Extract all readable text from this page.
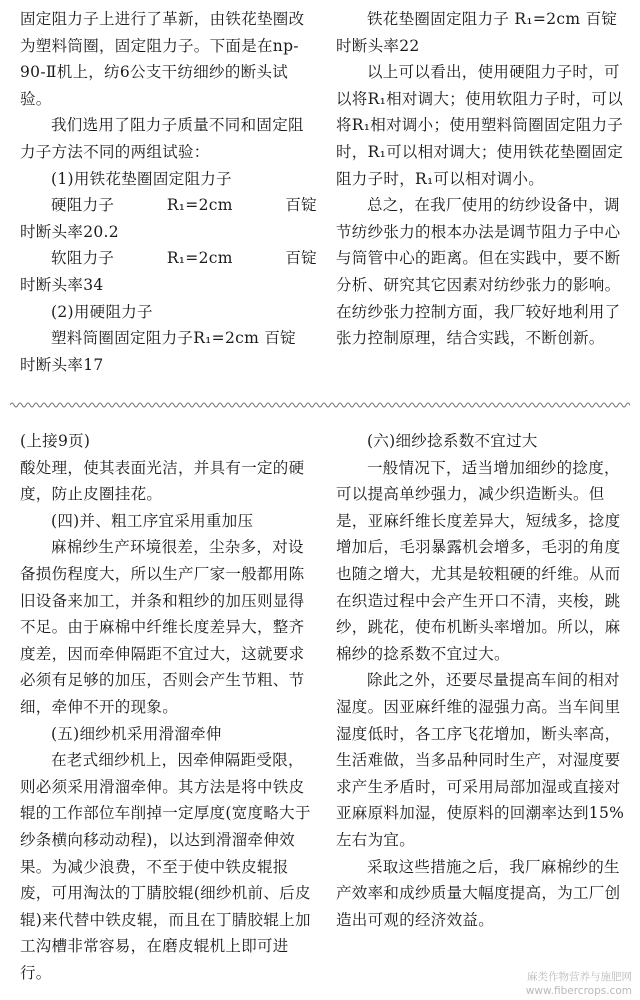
固定阻力子上进行了革新，由铁花垫圈改为塑料筒圈，固定阻力子。下面是在np-90-Ⅱ机上，纺6公支干纺细纱的断头试验。

我们选用了阻力子质量不同和固定阻力子方法不同的两组试验：

(1)用铁花垫圈固定阻力子

硬阻力子	R₁=2cm	百锭

时断头率20.2

软阻力子	R₁=2cm	百锭

时断头率34

(2)用硬阻力子

塑料筒圈固定阻力子R₁=2cm 百锭

时断头率17

铁花垫圈固定阻力子 R₁=2cm 百锭

时断头率22

以上可以看出，使用硬阻力子时，可以将R₁相对调大；使用软阻力子时，可以将R₁相对调小；使用塑料筒圈固定阻力子时，R₁可以相对调大；使用铁花垫圈固定阻力子时，R₁可以相对调小。

总之，在我厂使用的纺纱设备中，调节纺纱张力的根本办法是调节阻力子中心与筒管中心的距离。但在实践中，要不断分析、研究其它因素对纺纱张力的影响。在纺纱张力控制方面，我厂较好地利用了张力控制原理，结合实践，不断创新。

(上接9页)

酸处理，使其表面光洁，并具有一定的硬度，防止皮圈挂花。

(四)并、粗工序宜采用重加压

麻棉纱生产环境很差，尘杂多，对设备损伤程度大，所以生产厂家一般都用陈旧设备来加工，并条和粗纱的加压则显得不足。由于麻棉中纤维长度差异大，整齐度差，因而牵伸隔距不宜过大，这就要求必须有足够的加压，否则会产生节粗、节细，牵伸不开的现象。

(五)细纱机采用滑溜牵伸

在老式细纱机上，因牵伸隔距受限，则必须采用滑溜牵伸。其方法是将中铁皮辊的工作部位车削掉一定厚度(宽度略大于纱条横向移动动程)，以达到滑溜牵伸效果。为减少浪费，不至于使中铁皮辊报废，可用淘汰的丁腈胶辊(细纱机前、后皮辊)来代替中铁皮辊，而且在丁腈胶辊上加工沟槽非常容易，在磨皮辊机上即可进行。

(六)细纱捻系数不宜过大

一般情况下，适当增加细纱的捻度，可以提高单纱强力，减少织造断头。但是，亚麻纤维长度差异大，短绒多，捻度增加后，毛羽暴露机会增多，毛羽的角度也随之增大，尤其是较粗硬的纤维。从而在织造过程中会产生开口不清，夹梭，跳纱，跳花，使布机断头率增加。所以，麻棉纱的捻系数不宜过大。

除此之外，还要尽量提高车间的相对湿度。因亚麻纤维的湿强力高。当车间里湿度低时，各工序飞花增加，断头率高，生活难做，当多品种同时生产，对湿度要求产生矛盾时，可采用局部加湿或直接对亚麻原料加湿，使原料的回潮率达到15%左右为宜。

采取这些措施之后，我厂麻棉纱的生产效率和成纱质量大幅度提高，为工厂创造出可观的经济效益。

麻类作物营养与施肥网
www.fibercrops.com
